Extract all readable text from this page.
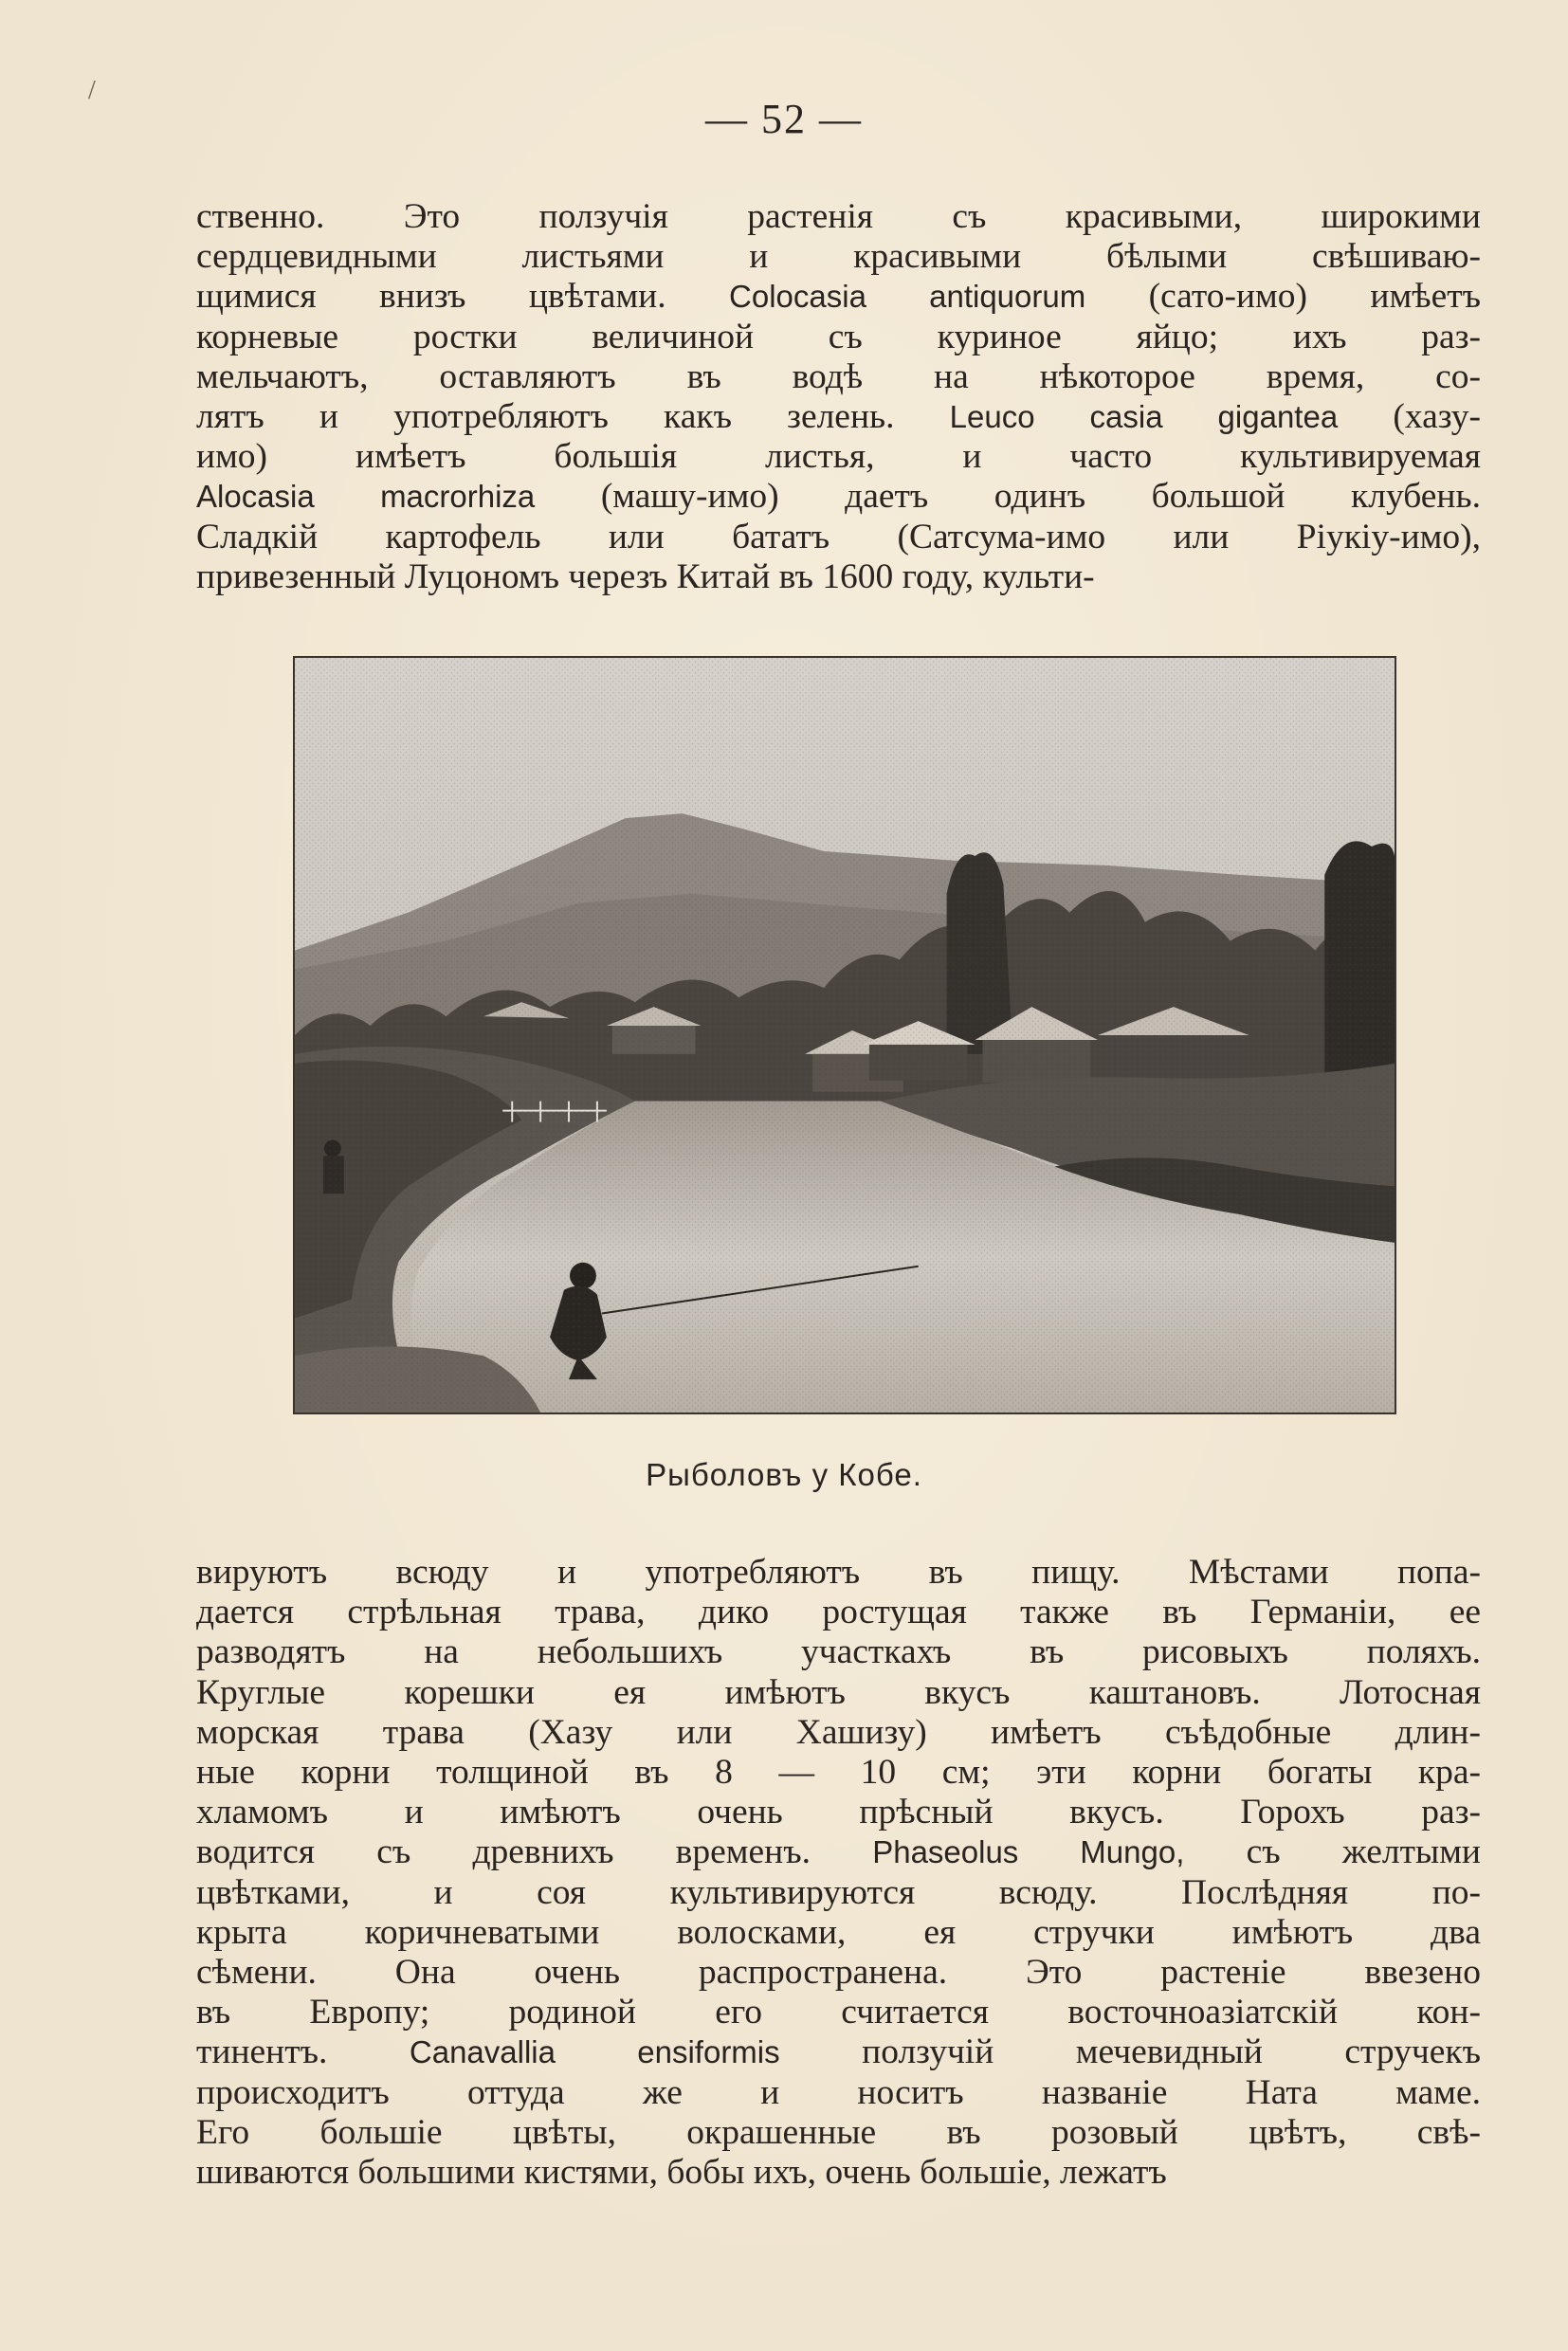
/
— 52 —
ственно. Это ползучія растенія съ красивыми, широкими
сердцевидными листьями и красивыми бѣлыми свѣшиваю-
щимися внизъ цвѣтами. Colocasia antiquorum (сато-имо) имѣетъ
корневые ростки величиной съ куриное яйцо; ихъ раз-
мельчаютъ, оставляютъ въ водѣ на нѣкоторое время, со-
лятъ и употребляютъ какъ зелень. Leuco casia gigantea (хазу-
имо) имѣетъ большія листья, и часто культивируемая
Alocasia macrorhiza (машу-имо) даетъ одинъ большой клубень.
Сладкій картофель или бататъ (Сатсума-имо или Ріукіу-имо),
привезенный Луцономъ черезъ Китай въ 1600 году, культи-
Рыболовъ у Кобе.
вируютъ всюду и употребляютъ въ пищу. Мѣстами попа-
дается стрѣльная трава, дико ростущая также въ Германіи, ее
разводятъ на небольшихъ участкахъ въ рисовыхъ поляхъ.
Круглые корешки ея имѣютъ вкусъ каштановъ. Лотосная
морская трава (Хазу или Хашизу) имѣетъ съѣдобные длин-
ные корни толщиной въ 8 — 10 см; эти корни богаты кра-
хламомъ и имѣютъ очень прѣсный вкусъ. Горохъ раз-
водится съ древнихъ временъ. Phaseolus Mungo, съ желтыми
цвѣтками, и соя культивируются всюду. Послѣдняя по-
крыта коричневатыми волосками, ея стручки имѣютъ два
сѣмени. Она очень распространена. Это растеніе ввезено
въ Европу; родиной его считается восточноазіатскій кон-
тинентъ. Canavallia ensiformis ползучій мечевидный стручекъ
происходитъ оттуда же и носитъ названіе Ната маме.
Его большіе цвѣты, окрашенные въ розовый цвѣтъ, свѣ-
шиваются большими кистями, бобы ихъ, очень большіе, лежатъ
